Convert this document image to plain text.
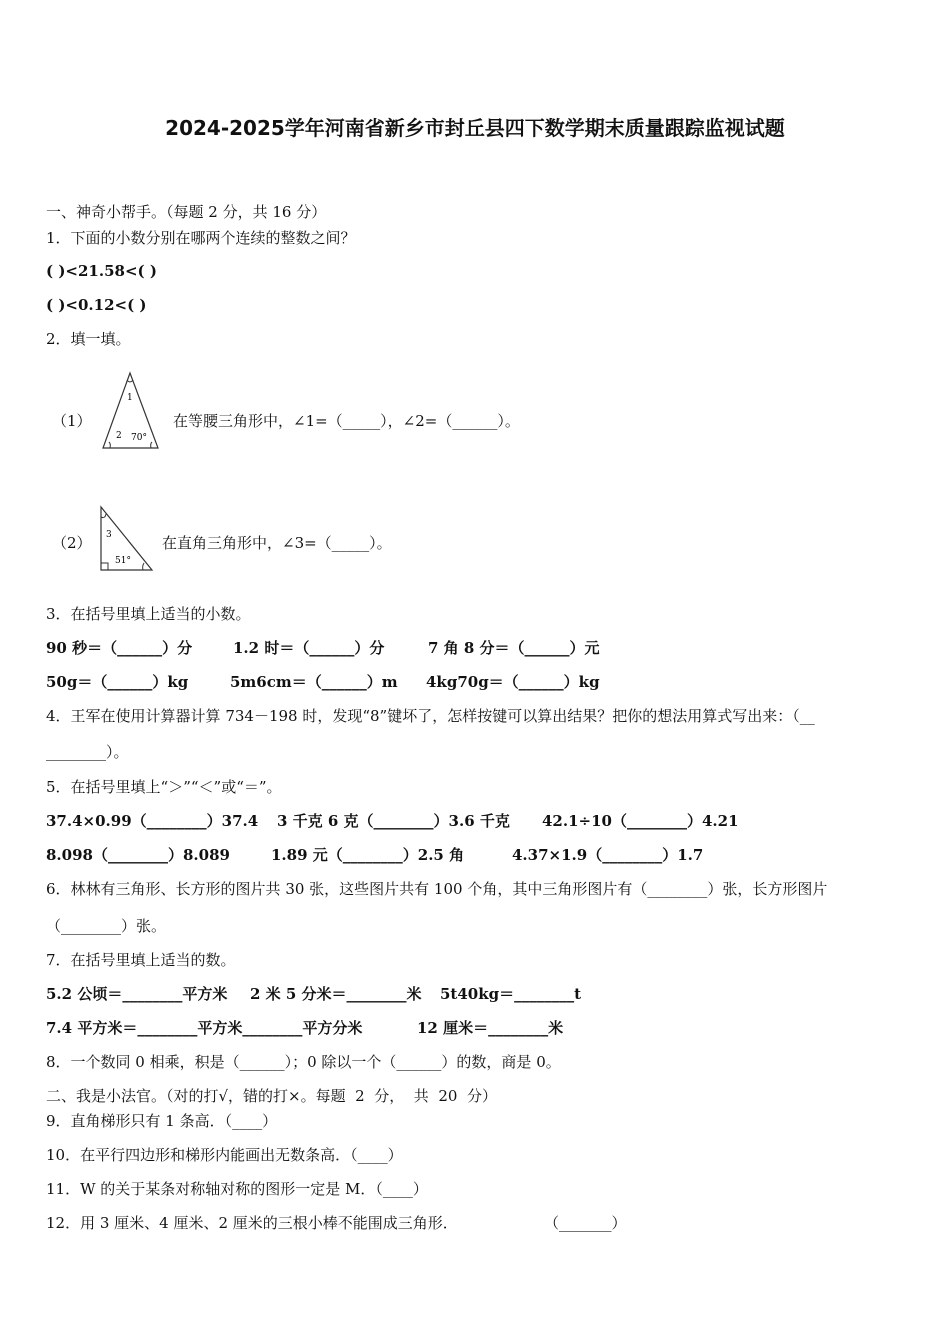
2024-2025学年河南省新乡市封丘县四下数学期末质量跟踪监视试题
一、神奇小帮手。（每题 2 分，共 16 分）
1．下面的小数分别在哪两个连续的整数之间？
( )<21.58<( )
( )<0.12<( )
2．填一填。
（1）
1
2 70°
在等腰三角形中，∠1=（_____），∠2=（______）。
（2） 3
51°
在直角三角形中，∠3=（_____）。
3．在括号里填上适当的小数。
90 秒＝（______）分	1.2 时＝（______）分	7 角 8 分＝（______）元
50g＝（______）kg	5m6cm＝（______）m 4kg70g＝（______）kg
4．王军在使用计算器计算 734－198 时，发现“8”键坏了，怎样按键可以算出结果？把你的想法用算式写出来：（__
________）。
5．在括号里填上“＞”“＜”或“＝”。
37.4×0.99（________）37.4 3 千克 6 克（________）3.6 千克 42.1÷10（________）4.21
8.098（________）8.089	1.89 元（________）2.5 角	4.37×1.9（________）1.7
6．林林有三角形、长方形的图片共 30 张，这些图片共有 100 个角，其中三角形图片有（________）张，长方形图片
（________）张。
7．在括号里填上适当的数。
5.2 公顷＝________平方米 2 米 5 分米＝________米 5t40kg＝________t
7.4 平方米＝________平方米________平方分米	12 厘米＝________米
8．一个数同 0 相乘，积是（______）；0 除以一个（______）的数，商是 0。
二、我是小法官。（对的打√，错的打×。每题  2  分，  共  20  分）
9．直角梯形只有 1 条高．（____）
10．在平行四边形和梯形内能画出无数条高．（____）
11．W 的关于某条对称轴对称的图形一定是 M．（____）
12．用 3 厘米、4 厘米、2 厘米的三根小棒不能围成三角形．	（_______）
